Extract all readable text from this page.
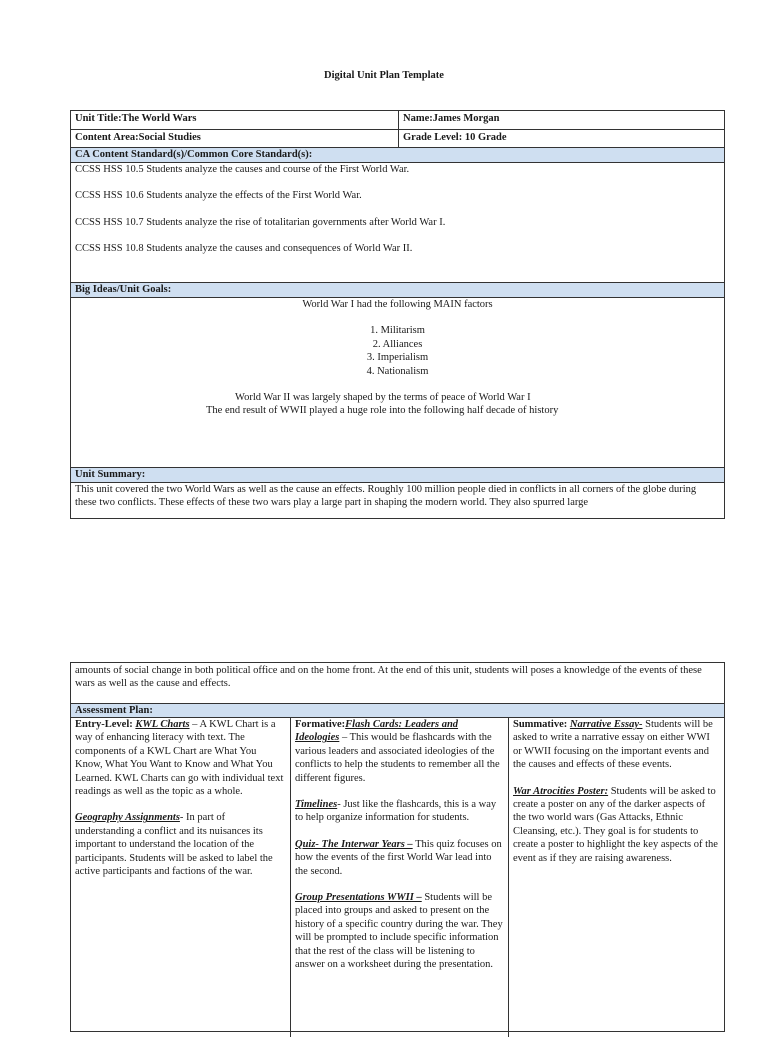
Digital Unit Plan Template
Unit Title:The World Wars	Name:James Morgan
Content Area:Social Studies	Grade Level: 10 Grade
CA Content Standard(s)/Common Core Standard(s):

CCSS HSS 10.5 Students analyze the causes and course of the First World War.

CCSS HSS 10.6 Students analyze the effects of the First World War.

CCSS HSS 10.7 Students analyze the rise of totalitarian governments after World War I.

CCSS HSS 10.8 Students analyze the causes and consequences of World War II.

Big Ideas/Unit Goals:

World War I had the following MAIN factors

1. Militarism
2. Alliances
3. Imperialism
4. Nationalism

World War II was largely shaped by the terms of peace of World War I

The end result of WWII played a huge role into the following half decade of history

Unit Summary:
This unit covered the two World Wars as well as the cause an effects. Roughly 100 million people died in conflicts in all corners of the globe during these two conflicts. These effects of these two wars play a large part in shaping the modern world. They also spurred large
amounts of social change in both political office and on the home front. At the end of this unit, students will poses a knowledge of the events of these wars as well as the cause and effects.
Assessment Plan:

Entry-Level: KWL Charts – A KWL Chart is a way of enhancing literacy with text. The components of a KWL Chart are What You Know, What You Want to Know and What You Learned. KWL Charts can go with individual text readings as well as the topic as a whole.

Geography Assignments- In part of understanding a conflict and its nuisances its important to understand the location of the participants. Students will be asked to label the active participants and factions of the war.

Formative:Flash Cards: Leaders and Ideologies – This would be flashcards with the various leaders and associated ideologies of the conflicts to help the students to remember all the different figures.

Timelines- Just like the flashcards, this is a way to help organize information for students.

Quiz- The Interwar Years – This quiz focuses on how the events of the first World War lead into the second.

Group Presentations WWII – Students will be placed into groups and asked to present on the history of a specific country during the war. They will be prompted to include specific information that the rest of the class will be listening to answer on a worksheet during the presentation.

Summative: Narrative Essay- Students will be asked to write a narrative essay on either WWI or WWII focusing on the important events and the causes and effects of these events.

War Atrocities Poster: Students will be asked to create a poster on any of the darker aspects of the two world wars (Gas Attacks, Ethnic Cleansing, etc.). They goal is for students to create a poster to highlight the key aspects of the event as if they are raising awareness.
